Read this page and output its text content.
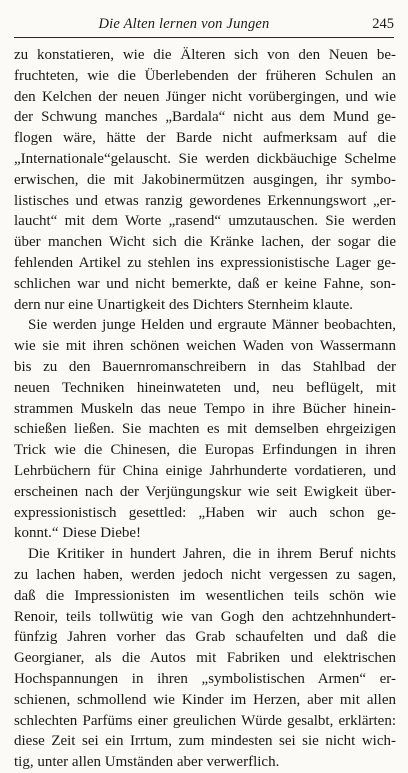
Die Alten lernen von Jungen	245
zu konstatieren, wie die Älteren sich von den Neuen be-
fruchteten, wie die Überlebenden der früheren Schulen an
den Kelchen der neuen Jünger nicht vorübergingen, und wie
der Schwung manches „Bardala“ nicht aus dem Mund ge-
flogen wäre, hätte der Barde nicht aufmerksam auf die
„Internationale“gelauscht. Sie werden dickbäuchige Schelme
erwischen, die mit Jakobinermützen ausgingen, ihr symbo-
listisches und etwas ranzig gewordenes Erkennungswort „er-
laucht“ mit dem Worte „rasend“ umzutauschen. Sie werden
über manchen Wicht sich die Kränke lachen, der sogar die
fehlenden Artikel zu stehlen ins expressionistische Lager ge-
schlichen war und nicht bemerkte, daß er keine Fahne, son-
dern nur eine Unartigkeit des Dichters Sternheim klaute.
Sie werden junge Helden und ergraute Männer beobachten,
wie sie mit ihren schönen weichen Waden von Wassermann
bis zu den Bauernromanschreibern in das Stahlbad der
neuen Techniken hineinwateten und, neu beflügelt, mit
strammen Muskeln das neue Tempo in ihre Bücher hinein-
schießen ließen. Sie machten es mit demselben ehrgeizigen
Trick wie die Chinesen, die Europas Erfindungen in ihren
Lehrbüchern für China einige Jahrhunderte vordatieren, und
erscheinen nach der Verjüngungskur wie seit Ewigkeit über-
expressionistisch gesettled: „Haben wir auch schon ge-
konnt.“ Diese Diebe!
Die Kritiker in hundert Jahren, die in ihrem Beruf nichts
zu lachen haben, werden jedoch nicht vergessen zu sagen,
daß die Impressionisten im wesentlichen teils schön wie
Renoir, teils tollwütig wie van Gogh den achtzehnhundert-
fünfzig Jahren vorher das Grab schaufelten und daß die
Georgianer, als die Autos mit Fabriken und elektrischen
Hochspannungen in ihren „symbolistischen Armen“ er-
schienen, schmollend wie Kinder im Herzen, aber mit allen
schlechten Parfüms einer greulichen Würde gesalbt, erklärten:
diese Zeit sei ein Irrtum, zum mindesten sei sie nicht wich-
tig, unter allen Umständen aber verwerflich.
